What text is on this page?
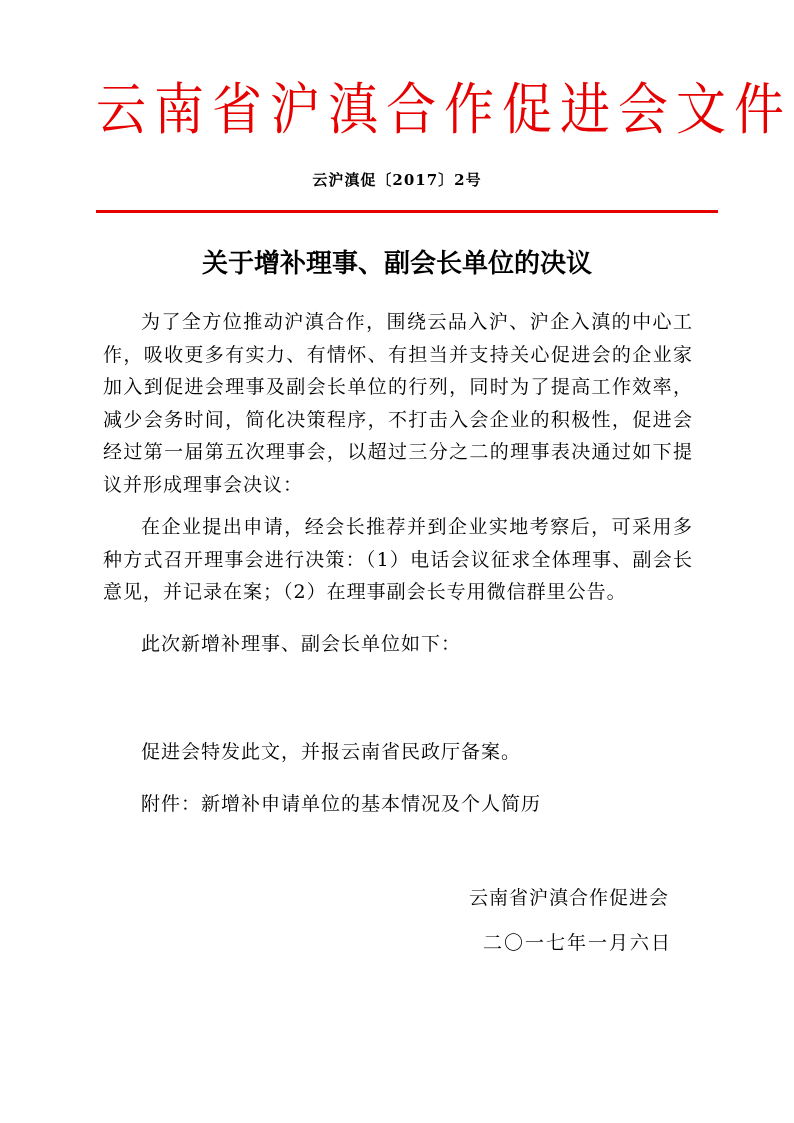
云南省沪滇合作促进会文件
云沪滇促〔2017〕2号
关于增补理事、副会长单位的决议

为了全方位推动沪滇合作，围绕云品入沪、沪企入滇的中心工作，吸收更多有实力、有情怀、有担当并支持关心促进会的企业家加入到促进会理事及副会长单位的行列，同时为了提高工作效率，减少会务时间，简化决策程序，不打击入会企业的积极性，促进会经过第一届第五次理事会，以超过三分之二的理事表决通过如下提议并形成理事会决议：

在企业提出申请，经会长推荐并到企业实地考察后，可采用多种方式召开理事会进行决策：（1）电话会议征求全体理事、副会长意见，并记录在案；（2）在理事副会长专用微信群里公告。

此次新增补理事、副会长单位如下：

促进会特发此文，并报云南省民政厅备案。

附件：新增补申请单位的基本情况及个人简历

云南省沪滇合作促进会
二〇一七年一月六日
